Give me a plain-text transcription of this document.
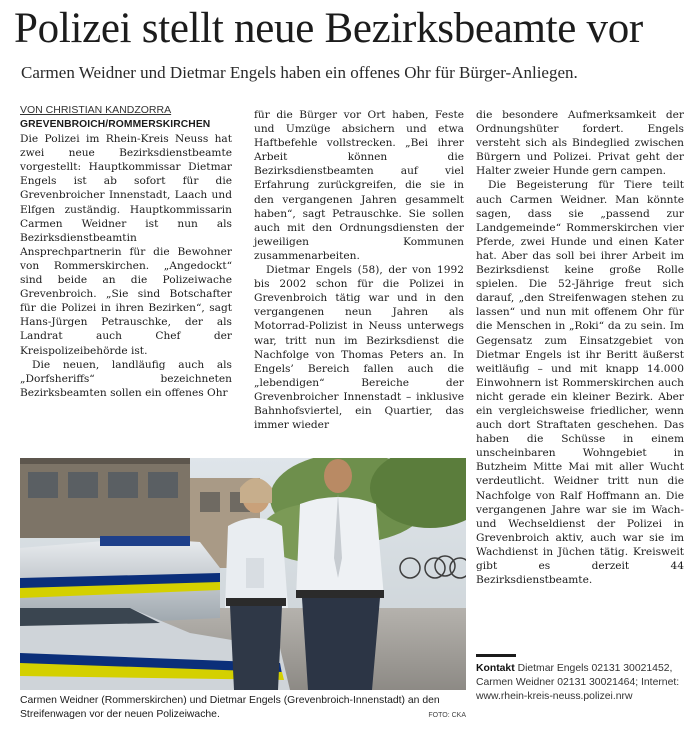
Polizei stellt neue Bezirksbeamte vor
Carmen Weidner und Dietmar Engels haben ein offenes Ohr für Bürger-Anliegen.
VON CHRISTIAN KANDZORRA

GREVENBROICH/ROMMERSKIRCHEN
Die Polizei im Rhein-Kreis Neuss hat zwei neue Bezirksdienstbeamte vorgestellt: Hauptkommissar Dietmar Engels ist ab sofort für die Grevenbroicher Innenstadt, Laach und Elfgen zuständig. Hauptkommissarin Carmen Weidner ist nun als Bezirksdienstbeamtin Ansprechpartnerin für die Bewohner von Rommerskirchen. „Angedockt“ sind beide an die Polizeiwache Grevenbroich. „Sie sind Botschafter für die Polizei in ihren Bezirken“, sagt Hans-Jürgen Petrauschke, der als Landrat auch Chef der Kreispolizeibehörde ist.

Die neuen, landläufig auch als „Dorfsheriffs“ bezeichneten Bezirksbeamten sollen ein offenes Ohr

für die Bürger vor Ort haben, Feste und Umzüge absichern und etwa Haftbefehle vollstrecken. „Bei ihrer Arbeit können die Bezirksdienstbeamten auf viel Erfahrung zurückgreifen, die sie in den vergangenen Jahren gesammelt haben“, sagt Petrauschke. Sie sollen auch mit den Ordnungsdiensten der jeweiligen Kommunen zusammenarbeiten.

Dietmar Engels (58), der von 1992 bis 2002 schon für die Polizei in Grevenbroich tätig war und in den vergangenen neun Jahren als Motorrad-Polizist in Neuss unterwegs war, tritt nun im Bezirksdienst die Nachfolge von Thomas Peters an. In Engels’ Bereich fallen auch die „lebendigen“ Bereiche der Grevenbroicher Innenstadt – inklusive Bahnhofsviertel, ein Quartier, das immer wieder

die besondere Aufmerksamkeit der Ordnungshüter fordert. Engels versteht sich als Bindeglied zwischen Bürgern und Polizei. Privat geht der Halter zweier Hunde gern campen.

Die Begeisterung für Tiere teilt auch Carmen Weidner. Man könnte sagen, dass sie „passend zur Landgemeinde“ Rommerskirchen vier Pferde, zwei Hunde und einen Kater hat. Aber das soll bei ihrer Arbeit im Bezirksdienst keine große Rolle spielen. Die 52-Jährige freut sich darauf, „den Streifenwagen stehen zu lassen“ und nun mit offenem Ohr für die Menschen in „Roki“ da zu sein. Im Gegensatz zum Einsatzgebiet von Dietmar Engels ist ihr Beritt äußerst weitläufig – und mit knapp 14.000 Einwohnern ist Rommerskirchen auch nicht gerade ein kleiner Bezirk. Aber ein vergleichsweise friedlicher, wenn auch dort Straftaten geschehen. Das haben die Schüsse in einem unscheinbaren Wohngebiet in Butzheim Mitte Mai mit aller Wucht verdeutlicht. Weidner tritt nun die Nachfolge von Ralf Hoffmann an. Die vergangenen Jahre war sie im Wach- und Wechseldienst der Polizei in Grevenbroich aktiv, auch war sie im Wachdienst in Jüchen tätig. Kreisweit gibt es derzeit 44 Bezirksdienstbeamte.

Carmen Weidner (Rommerskirchen) und Dietmar Engels (Grevenbroich-Innenstadt) an den Streifenwagen vor der neuen Polizeiwache.	FOTO: CKA
Kontakt Dietmar Engels 02131 30021452, Carmen Weidner 02131 30021464; Internet: www.rhein-kreis-neuss.polizei.nrw
